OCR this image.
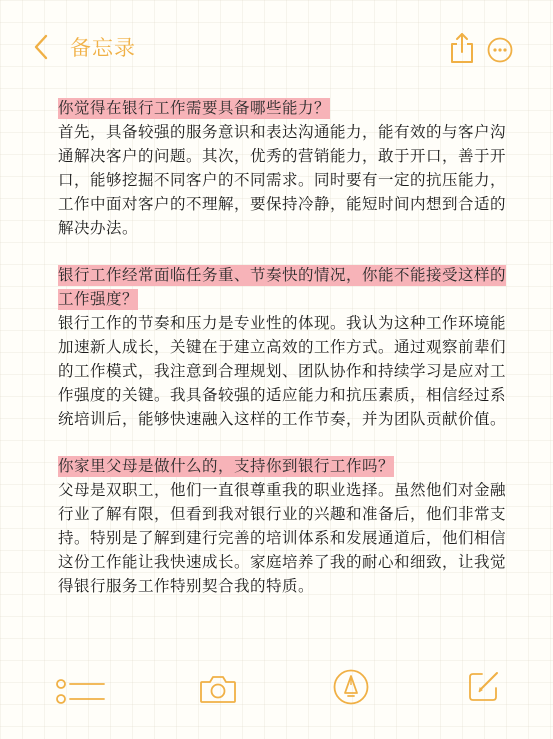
备忘录

你觉得在银行工作需要具备哪些能力？

首先，具备较强的服务意识和表达沟通能力，能有效的与客户沟通解决客户的问题。其次，优秀的营销能力，敢于开口，善于开口，能够挖掘不同客户的不同需求。同时要有一定的抗压能力，工作中面对客户的不理解，要保持冷静，能短时间内想到合适的解决办法。

银行工作经常面临任务重、节奏快的情况，你能不能接受这样的工作强度？

银行工作的节奏和压力是专业性的体现。我认为这种工作环境能加速新人成长，关键在于建立高效的工作方式。通过观察前辈们的工作模式，我注意到合理规划、团队协作和持续学习是应对工作强度的关键。我具备较强的适应能力和抗压素质，相信经过系统培训后，能够快速融入这样的工作节奏，并为团队贡献价值。

你家里父母是做什么的，支持你到银行工作吗？

父母是双职工，他们一直很尊重我的职业选择。虽然他们对金融行业了解有限，但看到我对银行业的兴趣和准备后，他们非常支持。特别是了解到建行完善的培训体系和发展通道后，他们相信这份工作能让我快速成长。家庭培养了我的耐心和细致，让我觉得银行服务工作特别契合我的特质。
